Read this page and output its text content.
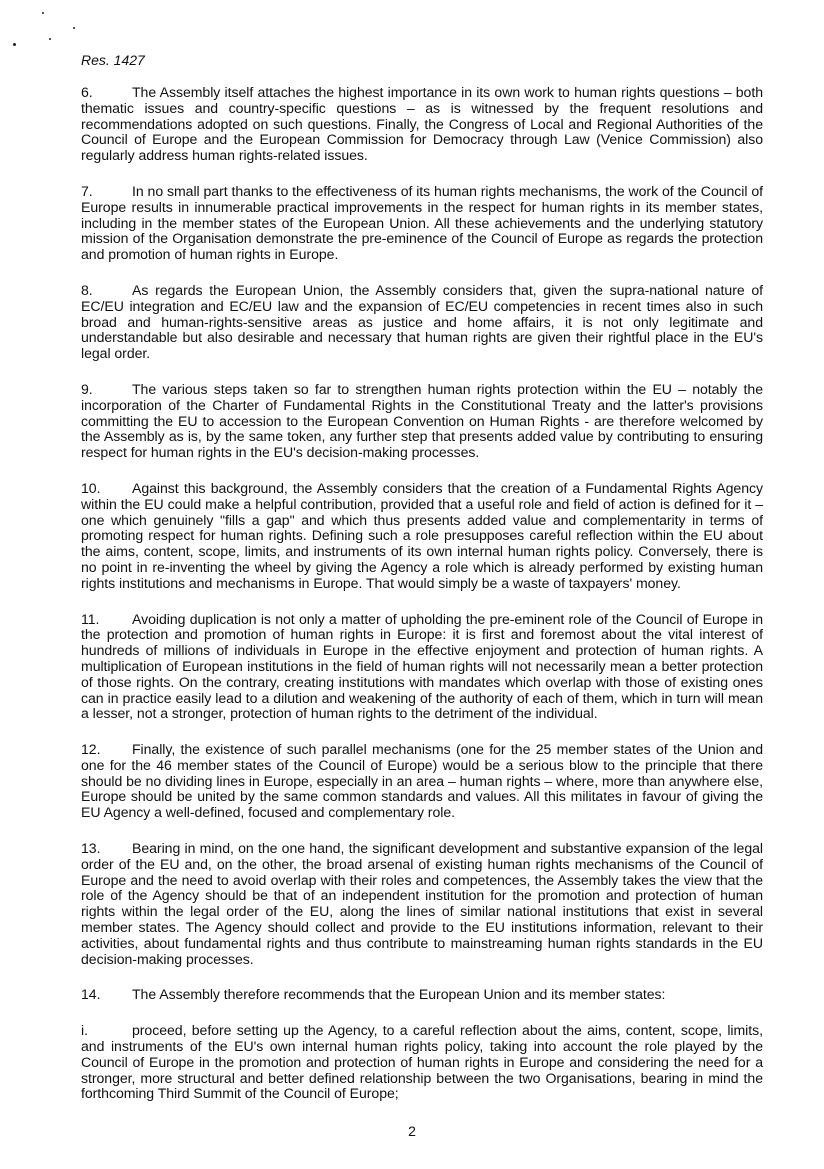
Res. 1427

6.	The Assembly itself attaches the highest importance in its own work to human rights questions – both thematic issues and country-specific questions – as is witnessed by the frequent resolutions and recommendations adopted on such questions. Finally, the Congress of Local and Regional Authorities of the Council of Europe and the European Commission for Democracy through Law (Venice Commission) also regularly address human rights-related issues.

7.	In no small part thanks to the effectiveness of its human rights mechanisms, the work of the Council of Europe results in innumerable practical improvements in the respect for human rights in its member states, including in the member states of the European Union. All these achievements and the underlying statutory mission of the Organisation demonstrate the pre-eminence of the Council of Europe as regards the protection and promotion of human rights in Europe.

8.	As regards the European Union, the Assembly considers that, given the supra-national nature of EC/EU integration and EC/EU law and the expansion of EC/EU competencies in recent times also in such broad and human-rights-sensitive areas as justice and home affairs, it is not only legitimate and understandable but also desirable and necessary that human rights are given their rightful place in the EU's legal order.

9.	The various steps taken so far to strengthen human rights protection within the EU – notably the incorporation of the Charter of Fundamental Rights in the Constitutional Treaty and the latter's provisions committing the EU to accession to the European Convention on Human Rights - are therefore welcomed by the Assembly as is, by the same token, any further step that presents added value by contributing to ensuring respect for human rights in the EU's decision-making processes.

10. Against this background, the Assembly considers that the creation of a Fundamental Rights Agency within the EU could make a helpful contribution, provided that a useful role and field of action is defined for it – one which genuinely "fills a gap" and which thus presents added value and complementarity in terms of promoting respect for human rights. Defining such a role presupposes careful reflection within the EU about the aims, content, scope, limits, and instruments of its own internal human rights policy. Conversely, there is no point in re-inventing the wheel by giving the Agency a role which is already performed by existing human rights institutions and mechanisms in Europe. That would simply be a waste of taxpayers' money.

11. Avoiding duplication is not only a matter of upholding the pre-eminent role of the Council of Europe in the protection and promotion of human rights in Europe: it is first and foremost about the vital interest of hundreds of millions of individuals in Europe in the effective enjoyment and protection of human rights. A multiplication of European institutions in the field of human rights will not necessarily mean a better protection of those rights. On the contrary, creating institutions with mandates which overlap with those of existing ones can in practice easily lead to a dilution and weakening of the authority of each of them, which in turn will mean a lesser, not a stronger, protection of human rights to the detriment of the individual.

12. Finally, the existence of such parallel mechanisms (one for the 25 member states of the Union and one for the 46 member states of the Council of Europe) would be a serious blow to the principle that there should be no dividing lines in Europe, especially in an area – human rights – where, more than anywhere else, Europe should be united by the same common standards and values. All this militates in favour of giving the EU Agency a well-defined, focused and complementary role.

13. Bearing in mind, on the one hand, the significant development and substantive expansion of the legal order of the EU and, on the other, the broad arsenal of existing human rights mechanisms of the Council of Europe and the need to avoid overlap with their roles and competences, the Assembly takes the view that the role of the Agency should be that of an independent institution for the promotion and protection of human rights within the legal order of the EU, along the lines of similar national institutions that exist in several member states. The Agency should collect and provide to the EU institutions information, relevant to their activities, about fundamental rights and thus contribute to mainstreaming human rights standards in the EU decision-making processes.

14. The Assembly therefore recommends that the European Union and its member states:

i.	proceed, before setting up the Agency, to a careful reflection about the aims, content, scope, limits, and instruments of the EU's own internal human rights policy, taking into account the role played by the Council of Europe in the promotion and protection of human rights in Europe and considering the need for a stronger, more structural and better defined relationship between the two Organisations, bearing in mind the forthcoming Third Summit of the Council of Europe;

2
